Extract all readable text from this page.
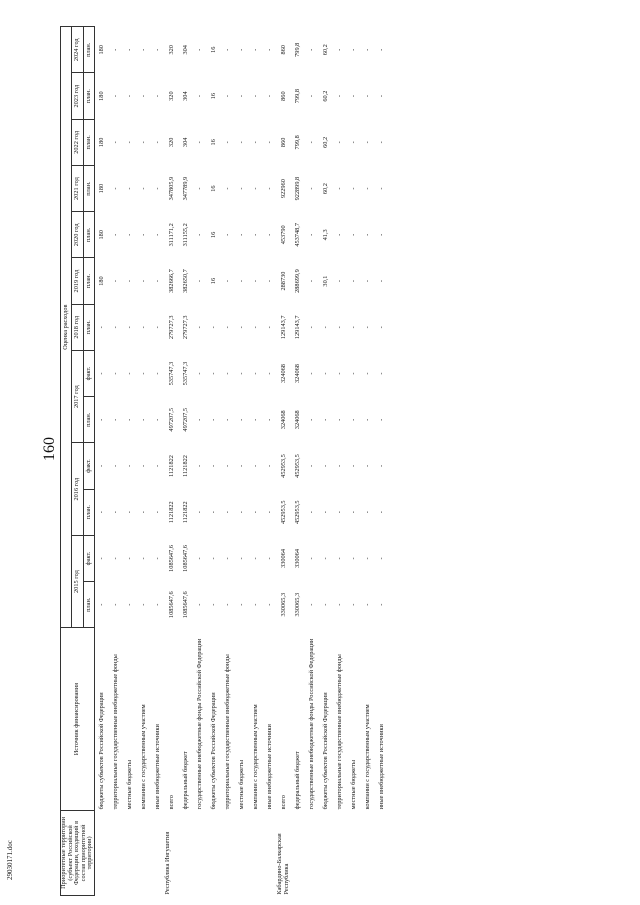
160
29030171.doc	Приоритетные территории (субъект Российской Федерации, входящий в состав приоритетной территории)	Источник финансирования	Оценка расходов												
		2015 год		2016 год		2017 год		2018 год	2019 год	2020 год	2021 год	2022 год	2023 год	2024 год
		план.	факт.	план.	факт.	план.	факт.	план.	план.	план.	план.	план.	план.	план.
	бюджеты субъектов Российской Федерации	-	-	-	-	-	-	-	180	180	180	180	180	180
	территориальные государственные внебюджетные фонды	-	-	-	-	-	-	-	-	-	-	-	-	-
	местные бюджеты	-	-	-	-	-	-	-	-	-	-	-	-	-
	компании с государственным участием	-	-	-	-	-	-	-	-	-	-	-	-	-
	иные внебюджетные источники	-	-	-	-	-	-	-	-	-	-	-	-	-
Республика Ингушетия	всего	1085647,6	1085647,6	1121822	1121822	497207,5	535747,3	279727,3	382666,7	311171,2	347805,9	320	320	320
	федеральный бюджет	1085647,6	1085647,6	1121822	1121822	497207,5	535747,3	279727,3	382650,7	311155,2	347789,9	304	304	304
	государственные внебюджетные фонды Российской Федерации	-	-	-	-	-	-	-	-	-	-	-	-	-
	бюджеты субъектов Российской Федерации	-	-	-	-	-	-	-	16	16	16	16	16	16
	территориальные государственные внебюджетные фонды	-	-	-	-	-	-	-	-	-	-	-	-	-
	местные бюджеты	-	-	-	-	-	-	-	-	-	-	-	-	-
	компании с государственным участием	-	-	-	-	-	-	-	-	-	-	-	-	-
	иные внебюджетные источники	-	-	-	-	-	-	-	-	-	-	-	-	-
Кабардино-Балкарская Республика	всего	330065,3	330064	452953,5	452953,5	324068	324068	129143,7	288730	453790	922960	860	860	860
	федеральный бюджет	330065,3	330064	452953,5	452953,5	324068	324068	129143,7	288699,9	453748,7	922899,8	799,8	799,8	799,8
	государственные внебюджетные фонды Российской Федерации	-	-	-	-	-	-	-	-	-	-	-	-	-
	бюджеты субъектов Российской Федерации	-	-	-	-	-	-	-	30,1	41,3	60,2	60,2	60,2	60,2
	территориальные государственные внебюджетные фонды	-	-	-	-	-	-	-	-	-	-	-	-	-
	местные бюджеты	-	-	-	-	-	-	-	-	-	-	-	-	-
	компании с государственным участием	-	-	-	-	-	-	-	-	-	-	-	-	-
	иные внебюджетные источники	-	-	-	-	-	-	-	-	-	-	-	-	-
